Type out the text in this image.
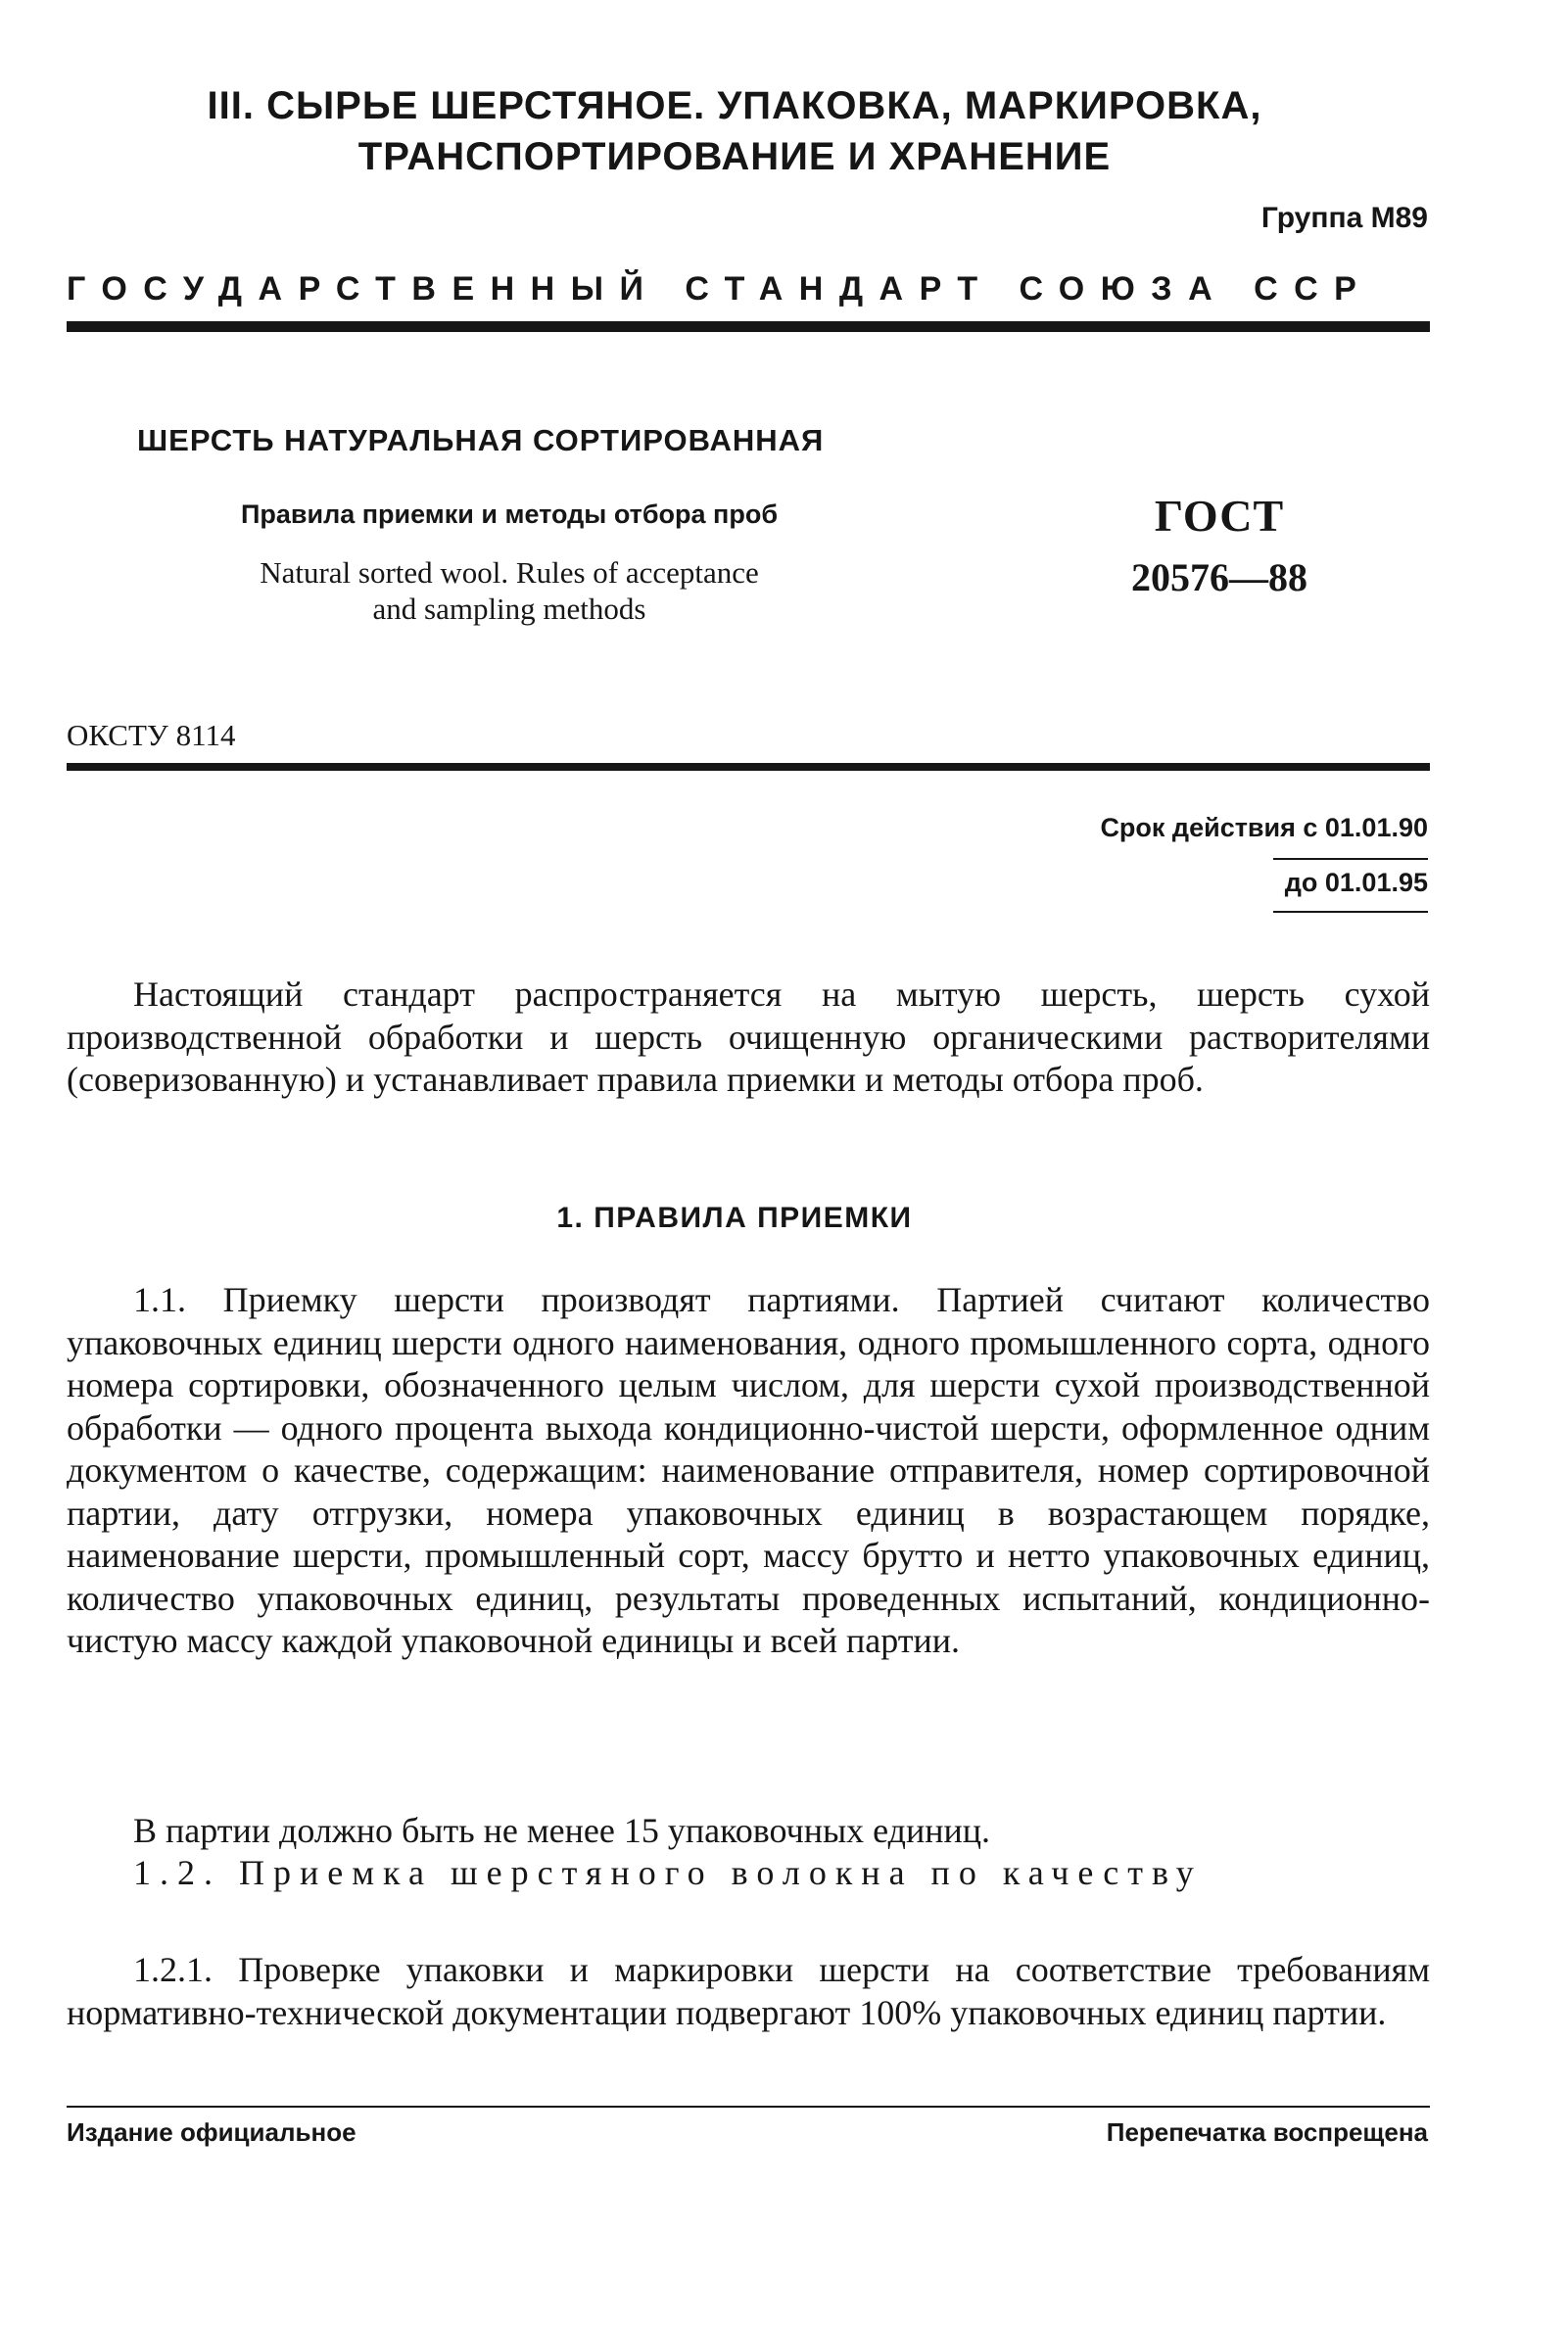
III. СЫРЬЕ ШЕРСТЯНОЕ. УПАКОВКА, МАРКИРОВКА,
ТРАНСПОРТИРОВАНИЕ И ХРАНЕНИЕ
Группа М89
ГОСУДАРСТВЕННЫЙ СТАНДАРТ СОЮЗА ССР
ШЕРСТЬ НАТУРАЛЬНАЯ СОРТИРОВАННАЯ
Правила приемки и методы отбора проб
Natural sorted wool. Rules of acceptance
and sampling methods
ГОСТ
20576—88
ОКСТУ 8114
Срок действия с 01.01.90
до 01.01.95
Настоящий стандарт распространяется на мытую шерсть, шерсть сухой производственной обработки и шерсть очищенную органическими растворителями (соверизованную) и устанавливает правила приемки и методы отбора проб.
1. ПРАВИЛА ПРИЕМКИ
1.1. Приемку шерсти производят партиями. Партией считают количество упаковочных единиц шерсти одного наименования, одного промышленного сорта, одного номера сортировки, обозначенного целым числом, для шерсти сухой производственной обработки — одного процента выхода кондиционно-чистой шерсти, оформленное одним документом о качестве, содержащим: наименование отправителя, номер сортировочной партии, дату отгрузки, номера упаковочных единиц в возрастающем порядке, наименование шерсти, промышленный сорт, массу брутто и нетто упаковочных единиц, количество упаковочных единиц, результаты проведенных испытаний, кондиционно-чистую массу каждой упаковочной единицы и всей партии.
В партии должно быть не менее 15 упаковочных единиц.
1.2. Приемка шерстяного волокна по качеству
1.2.1. Проверке упаковки и маркировки шерсти на соответствие требованиям нормативно-технической документации подвергают 100% упаковочных единиц партии.
Издание официальное	Перепечатка воспрещена
